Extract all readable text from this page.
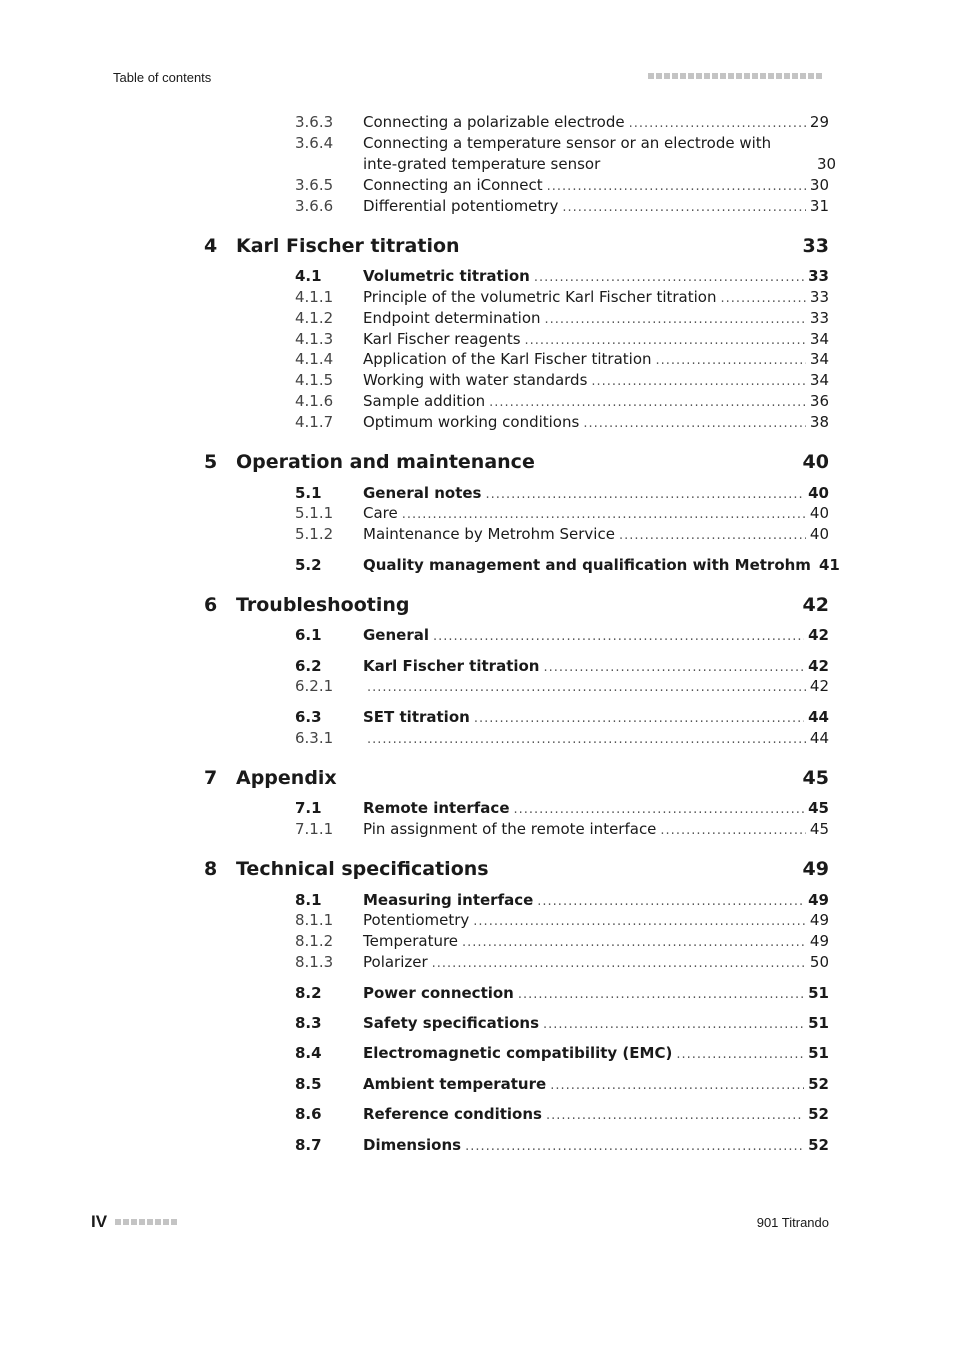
Table of contents
3.6.3	Connecting a polarizable electrode .....	29
3.6.4	Connecting a temperature sensor or an electrode with inte-grated temperature sensor	30
3.6.5	Connecting an iConnect .....	30
3.6.6	Differential potentiometry .....	31
4 Karl Fischer titration	33
4.1	Volumetric titration .....	33
4.1.1	Principle of the volumetric Karl Fischer titration .....	33
4.1.2	Endpoint determination .....	33
4.1.3	Karl Fischer reagents .....	34
4.1.4	Application of the Karl Fischer titration .....	34
4.1.5	Working with water standards .....	34
4.1.6	Sample addition .....	36
4.1.7	Optimum working conditions .....	38
5 Operation and maintenance	40
5.1	General notes .....	40
5.1.1	Care .....	40
5.1.2	Maintenance by Metrohm Service .....	40
5.2	Quality management and qualification with Metrohm 41
6 Troubleshooting	42
6.1	General .....	42
6.2	Karl Fischer titration .....	42
6.2.1 .....	42
6.3	SET titration .....	44
6.3.1 .....	44
7 Appendix	45
7.1	Remote interface .....	45
7.1.1	Pin assignment of the remote interface .....	45
8 Technical specifications	49
8.1	Measuring interface .....	49
8.1.1	Potentiometry .....	49
8.1.2	Temperature .....	49
8.1.3	Polarizer .....	50
8.2	Power connection .....	51
8.3	Safety specifications .....	51
8.4	Electromagnetic compatibility (EMC) .....	51
8.5	Ambient temperature .....	52
8.6	Reference conditions .....	52
8.7	Dimensions .....	52
IV	901 Titrando
